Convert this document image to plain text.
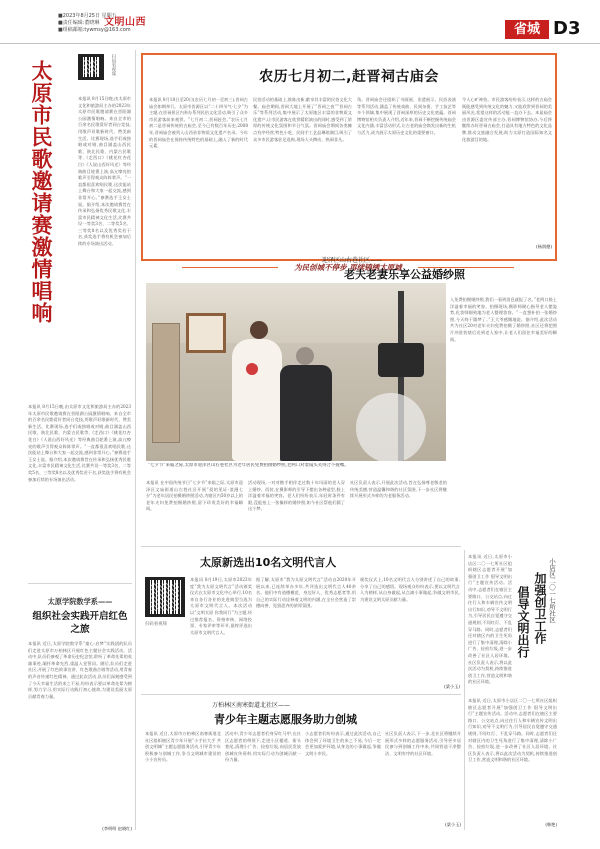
■2023年8月25日 星期五
■责任编辑:董晓琳
■组稿邮箱:tywmsy@163.com
文明山西	省城 D3
太原市民歌邀请赛激情唱响	扫码看视频
本报讯 8月15日晚,由太原市文化和旅游局主办的2023年太原市民歌邀请赛在晋阳湖公园激情唱响。来自全市的百余名民歌爱好者同台竞技,用歌声讴歌新时代、赞美新生活。比赛现场,选手们或独唱或对唱,曲目涵盖山西民歌、陕北民歌、内蒙古民歌等,《走西口》《桃花红杏花白》《人说山西好风光》等经典曲目轮番上演,高亢嘹亮的歌声引得观众阵阵掌声。“一直都很喜欢唱民歌,这次能站上舞台和大家一起交流,感到非常开心。”参赛选手王女士说。据介绍,本次邀请赛旨在传承和弘扬优秀民歌文化,丰富市民精神文化生活,比赛共设一等奖3名、二等奖5名、三等奖8名以及优秀奖若干名,获奖选手将有机会参加后续的专场演出活动。
本报讯 8月15日晚,由太原市文化和旅游局主办的2023年太原市民歌邀请赛在晋阳湖公园激情唱响。来自全市的百余名民歌爱好者同台竞技,用歌声讴歌新时代、赞美新生活。比赛现场,选手们或独唱或对唱,曲目涵盖山西民歌、陕北民歌、内蒙古民歌等,《走西口》《桃花红杏花白》《人说山西好风光》等经典曲目轮番上演,高亢嘹亮的歌声引得观众阵阵掌声。“一直都很喜欢唱民歌,这次能站上舞台和大家一起交流,感到非常开心。”参赛选手王女士说。据介绍,本次邀请赛旨在传承和弘扬优秀民歌文化,丰富市民精神文化生活,比赛共设一等奖3名、二等奖5名、三等奖8名以及优秀奖若干名,获奖选手将有机会参加后续的专场演出活动。
太原学院数学系——
组织社会实践开启红色之旅
本报讯 近日,太原学院数学系“童心·启梦”实践团的队员们走进太原市万柏林区开展红色主题社会实践活动。活动中,队员们参观了革命历史纪念馆,聆听了革命先辈的英雄事迹,缅怀革命先烈,重温入党誓词。随后,队员们走进社区,开展了红色故事宣讲、红色歌曲合唱等活动,用青春的声音传递红色精神。通过此次活动,队员们深刻感受到了今天幸福生活的来之不易,纷纷表示要以革命先辈为榜样,努力学习,用实际行动践行初心使命,为建设美丽太原贡献青春力量。
(李明明 赵晓红)
农历七月初二,赶晋祠古庙会
本报讯 8月18日至20日(农历七月初一至初三),晋祠古庙会如期举行。太原市晋源区以“二十四节气·七夕”为主题,在晋祠景区内举办系列民俗文化活动,吸引了众多市民游客前来观赏。“七月初二,晋祠赶会。”农历七月初二是晋祠传统的古庙会,至今已有数百年历史,2008年,晋祠庙会被列入山西省非物质文化遗产名录。今年的晋祠庙会在保持传统特色的基础上,融入了新的时代元素,
民俗活动的基础上,推陈出新,献享其丰富的民俗文化大餐。庙会期间,晋祠大地上开展了“晋祠之夜”“晋祠古乐”等系列活动,集中展示了太原地区丰富的非物质文化遗产,让市民游客在欣赏精彩演出的同时,感受到了浓厚的传统文化氛围和节日气氛。晋祠庙会期间各类摊点有序经营,特色小吃、民间手工艺品琳琅满目,吸引了众多市民游客驻足选购,现场人头攒动、热闹非凡。
角。晋祠庙会还组织了书画展、非遗展示、民俗表演等系列活动,涵盖了传统戏曲、民间杂耍、手工技艺等多个领域,集中展现了晋祠深厚的历史文化底蕴。晋祠博物馆相关负责人介绍,近年来,晋祠不断挖掘传统庙会文化内涵,丰富活动形式,让古老的庙会焕发出新的生机与活力,成为展示太原历史文化的重要窗口。
令人心旷神怡。市民游客纷纷表示,这样的古庙会既能感受到传统文化的魅力,又能欣赏到晋祠的美丽风光,希望这样的活动能一直办下去。本届庙会由晋源区委宣传部主办,晋祠博物馆协办,今后将继续办好晋祠古庙会,打造具有地方特色的文化品牌,推动文旅融合发展,助力太原打造国际知名文化旅游目的地。
(杨润德)
为民创城不停步 再续锦绣太原城
迎泽区山右巷社区——
老夫老妻乐享公益婚纱照
“七夕节”来临之际,太原市迎泽区山右巷社区为老年居民免费拍摄婚纱照,老两口对着镜头笑得合不拢嘴。
入免费拍摄婚纱照,我们一看到消息就报了名。”老两口脸上洋溢着幸福的笑容。拍摄现场,摄影师耐心指导老人摆姿势,化妆师细致地为老人整理妆容。“一直想补拍一张婚纱照,今天终于圆梦了。”王大爷感慨地说。据介绍,此次活动共为社区20对老年夫妇免费拍摄了婚纱照,社区还将把照片冲洗装裱后送到老人家中,让老人们留住幸福美好的瞬间。
本报讯 在中国传统节日“七夕节”来临之际,太原市迎泽区文庙街道山右巷社区开展“爱的见证·浪漫七夕”为老年居民拍摄婚纱照活动,为辖区内50岁以上的老年夫妇免费拍摄婚纱照,留下珍贵美好的幸福瞬间。
活动现场,一对对携手相伴走过数十年风雨的老人穿上婚纱、西装,在摄影师的引导下摆出各种造型,脸上洋溢着幸福的笑容。老人们纷纷表示,年轻时条件有限,没能拍上一张像样的婚纱照,如今社区帮他们圆了这个梦。
社区负责人表示,开展此次活动,旨在弘扬尊老敬老的传统美德,营造温馨和谐的社区氛围,下一步社区将继续开展形式多样的为老服务活动。
太原新选出10名文明代言人
扫码看视频
本报讯 8月19日,太原市2023年度“我为太原文明代言”活动颁奖仪式在太原市文化中心举行,10名来自各行各业的先进典型当选为太原市文明代言人。本次活动以“文明太原 你我同行”为主题,经过推荐报名、资格审核、网络投票、专家评审等环节,最终评选出太原市文明代言人。
据了解,太原市“我为太原文明代言”活动自2020年开展以来,已连续举办多年,共评选出文明代言人40余名。他们中有道德模范、身边好人、优秀志愿者等,用自己的实际行动诠释着文明的内涵,在全社会营造了崇德向善、见贤思齐的浓厚氛围。
颁奖仪式上,10名文明代言人分别讲述了自己的故事,分享了自己的感悟。现场观众纷纷表示,要以文明代言人为榜样,从自身做起,从点滴小事做起,争做文明市民,为建设文明太原贡献力量。
(梁小玉)
万柏林区南寒街道北社区——
青少年主题志愿服务助力创城
本报讯 近日,太原市万柏林区南寒街道北社区组织辖区青少年开展“小手拉大手 共创文明城”主题志愿服务活动,引导青少年积极参与创城工作,争当文明城市建设的小小宣传员。
活动中,青少年志愿者们身穿红马甲,在社区志愿者的带领下,走进小区楼道、街头巷尾,清理小广告、捡拾垃圾,向居民发放创城宣传资料,用实际行动为创城贡献一份力量。
小志愿者们纷纷表示,通过此次活动,自己体会到了环境卫生的来之不易,今后一定会更加爱护环境,从身边的小事做起,争做文明小市民。
社区负责人表示,下一步,北社区将继续开展形式多样的志愿服务活动,引导更多居民参与到创城工作中来,共同营造干净整洁、文明有序的社区环境。
(梁小玉)
小店区二〇一七所社区
加强创卫工作
倡导文明出行
本报讯 近日,太原市小店区二〇一七所社区组织辖区志愿者开展“加强创卫工作 倡导文明出行”主题宣传活动。活动中,志愿者们在辖区主要路口、公交站点,向过往行人和车辆宣传文明出行知识,劝导不文明行为,引导居民自觉遵守交通规则,不闯红灯、不乱穿马路。同时,志愿者们还对辖区内的卫生死角进行了集中清理,清除小广告、捡拾垃圾,进一步改善了社区人居环境。社区负责人表示,将以此次活动为契机,持续推进创卫工作,营造文明和谐的社区环境。
本报讯 近日,太原市小店区二〇一七所社区组织辖区志愿者开展“加强创卫工作 倡导文明出行”主题宣传活动。活动中,志愿者们在辖区主要路口、公交站点,向过往行人和车辆宣传文明出行知识,劝导不文明行为,引导居民自觉遵守交通规则,不闯红灯、不乱穿马路。同时,志愿者们还对辖区内的卫生死角进行了集中清理,清除小广告、捡拾垃圾,进一步改善了社区人居环境。社区负责人表示,将以此次活动为契机,持续推进创卫工作,营造文明和谐的社区环境。
(韩艳)
